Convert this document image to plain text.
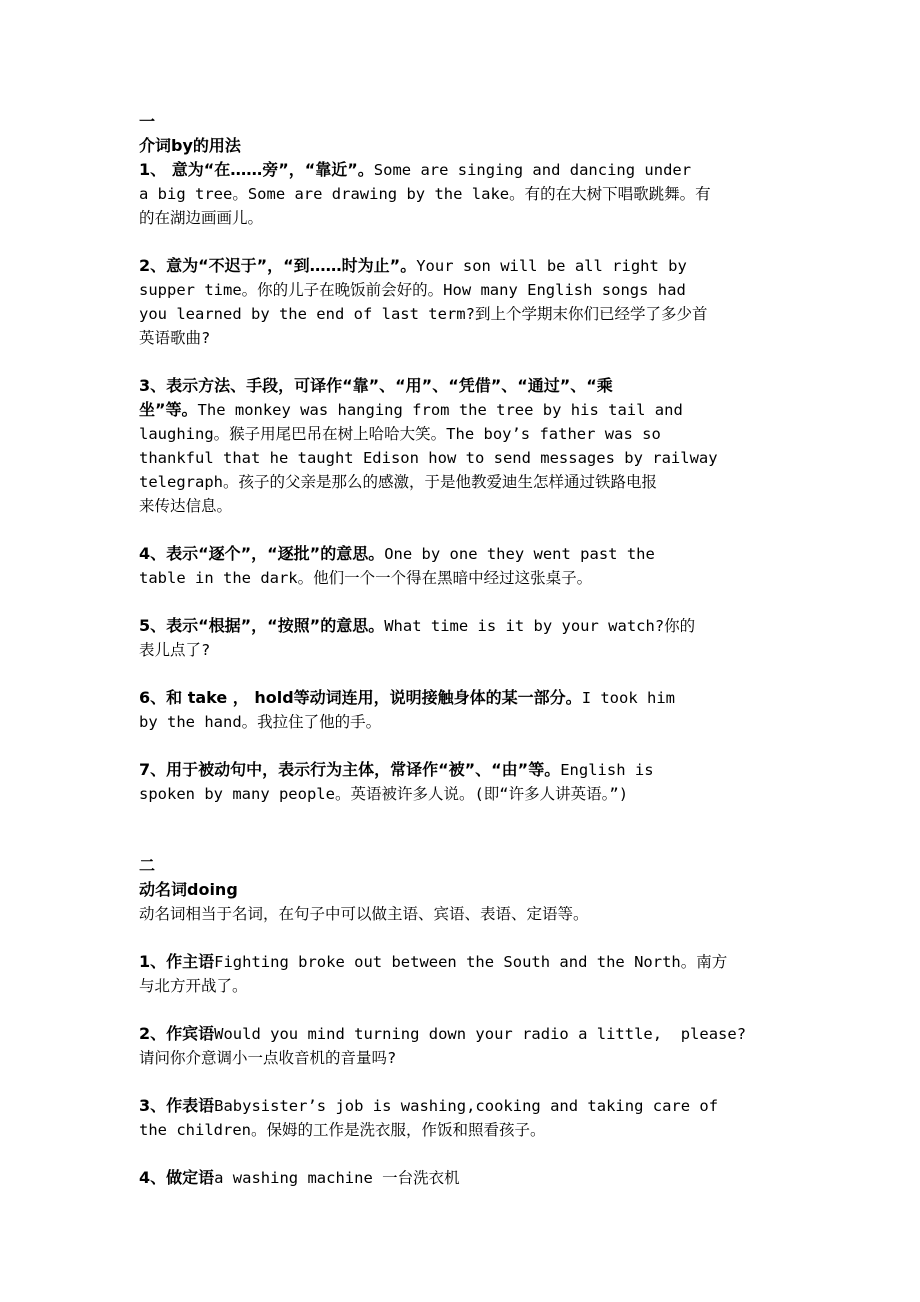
一
介词by的用法
1、 意为“在……旁”，“靠近”。Some are singing and dancing under
a big tree。Some are drawing by the lake。有的在大树下唱歌跳舞。有
的在湖边画画儿。
2、意为“不迟于”，“到……时为止”。Your son will be all right by
supper time。你的儿子在晚饭前会好的。How many English songs had
you learned by the end of last term?到上个学期末你们已经学了多少首
英语歌曲?
3、表示方法、手段，可译作“靠”、“用”、“凭借”、“通过”、“乘
坐”等。The monkey was hanging from the tree by his tail and
laughing。猴子用尾巴吊在树上哈哈大笑。The boy’s father was so
thankful that he taught Edison how to send messages by railway
telegraph。孩子的父亲是那么的感激，于是他教爱迪生怎样通过铁路电报
来传达信息。
4、表示“逐个”，“逐批”的意思。One by one they went past the
table in the dark。他们一个一个得在黑暗中经过这张桌子。
5、表示“根据”，“按照”的意思。What time is it by your watch?你的
表儿点了?
6、和 take ， hold等动词连用，说明接触身体的某一部分。I took him
by the hand。我拉住了他的手。
7、用于被动句中，表示行为主体，常译作“被”、“由”等。English is
spoken by many people。英语被许多人说。(即“许多人讲英语。”)
二
动名词doing
动名词相当于名词，在句子中可以做主语、宾语、表语、定语等。
1、作主语Fighting broke out between the South and the North。南方
与北方开战了。
2、作宾语Would you mind turning down your radio a little,  please?
请问你介意调小一点收音机的音量吗?
3、作表语Babysister’s job is washing,cooking and taking care of
the children。保姆的工作是洗衣服，作饭和照看孩子。
4、做定语a washing machine 一台洗衣机
